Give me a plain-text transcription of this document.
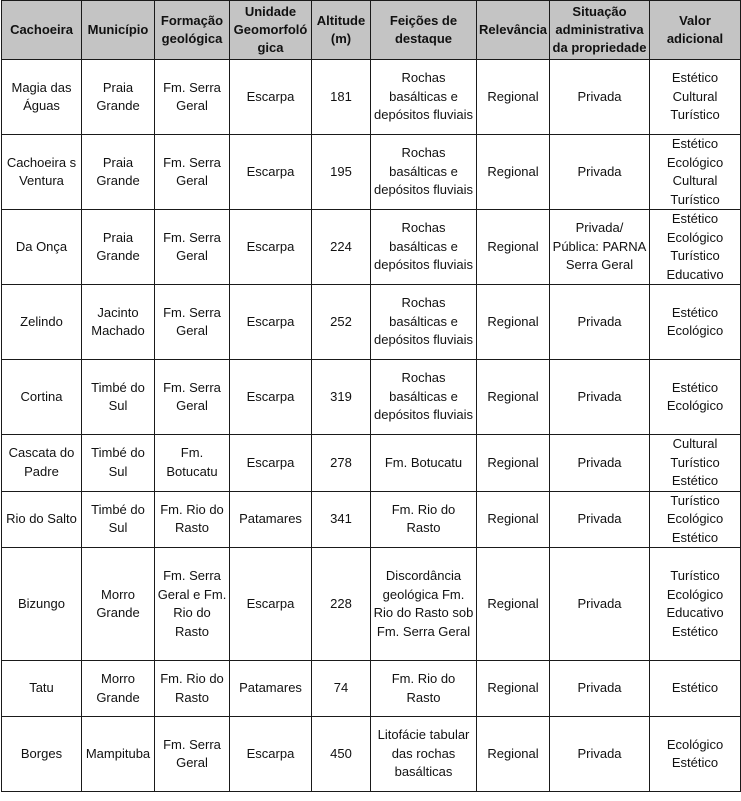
Cachoeira	Município	Formação geológica	Unidade Geomorfoló gica	Altitude (m)	Feições de destaque	Relevância	Situação administrativa da propriedade	Valor adicional
Magia das Águas	Praia Grande	Fm. Serra Geral	Escarpa	181	Rochas basálticas e depósitos fluviais	Regional	Privada	Estético Cultural Turístico
Cachoeira s Ventura	Praia Grande	Fm. Serra Geral	Escarpa	195	Rochas basálticas e depósitos fluviais	Regional	Privada	Estético Ecológico Cultural Turístico
Da Onça	Praia Grande	Fm. Serra Geral	Escarpa	224	Rochas basálticas e depósitos fluviais	Regional	Privada/ Pública: PARNA Serra Geral	Estético Ecológico Turístico Educativo
Zelindo	Jacinto Machado	Fm. Serra Geral	Escarpa	252	Rochas basálticas e depósitos fluviais	Regional	Privada	Estético Ecológico
Cortina	Timbé do Sul	Fm. Serra Geral	Escarpa	319	Rochas basálticas e depósitos fluviais	Regional	Privada	Estético Ecológico
Cascata do Padre	Timbé do Sul	Fm. Botucatu	Escarpa	278	Fm. Botucatu	Regional	Privada	Cultural Turístico Estético
Rio do Salto	Timbé do Sul	Fm. Rio do Rasto	Patamares	341	Fm. Rio do Rasto	Regional	Privada	Turístico Ecológico Estético
Bizungo	Morro Grande	Fm. Serra Geral e Fm. Rio do Rasto	Escarpa	228	Discordância geológica Fm. Rio do Rasto sob Fm. Serra Geral	Regional	Privada	Turístico Ecológico Educativo Estético
Tatu	Morro Grande	Fm. Rio do Rasto	Patamares	74	Fm. Rio do Rasto	Regional	Privada	Estético
Borges	Mampituba	Fm. Serra Geral	Escarpa	450	Litofácie tabular das rochas basálticas	Regional	Privada	Ecológico Estético
